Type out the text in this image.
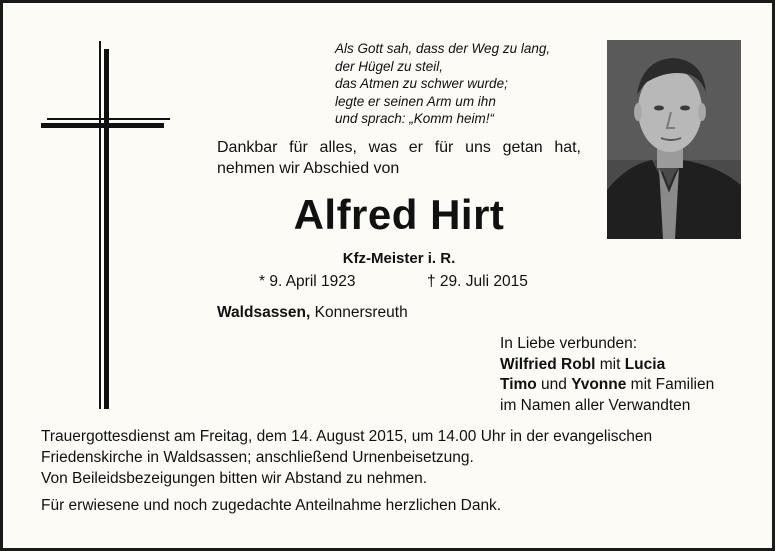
Als Gott sah, dass der Weg zu lang,
der Hügel zu steil,
das Atmen zu schwer wurde;
legte er seinen Arm um ihn
und sprach: „Komm heim!“
Dankbar für alles, was er für uns getan hat,
nehmen wir Abschied von
Alfred Hirt
Kfz-Meister i. R.
* 9. April 1923	† 29. Juli 2015
Waldsassen, Konnersreuth
In Liebe verbunden:
Wilfried Robl mit Lucia
Timo und Yvonne mit Familien
im Namen aller Verwandten
Trauergottesdienst am Freitag, dem 14. August 2015, um 14.00 Uhr in der evangelischen Friedenskirche in Waldsassen; anschließend Urnenbeisetzung.
Von Beileidsbezeigungen bitten wir Abstand zu nehmen.
Für erwiesene und noch zugedachte Anteilnahme herzlichen Dank.
